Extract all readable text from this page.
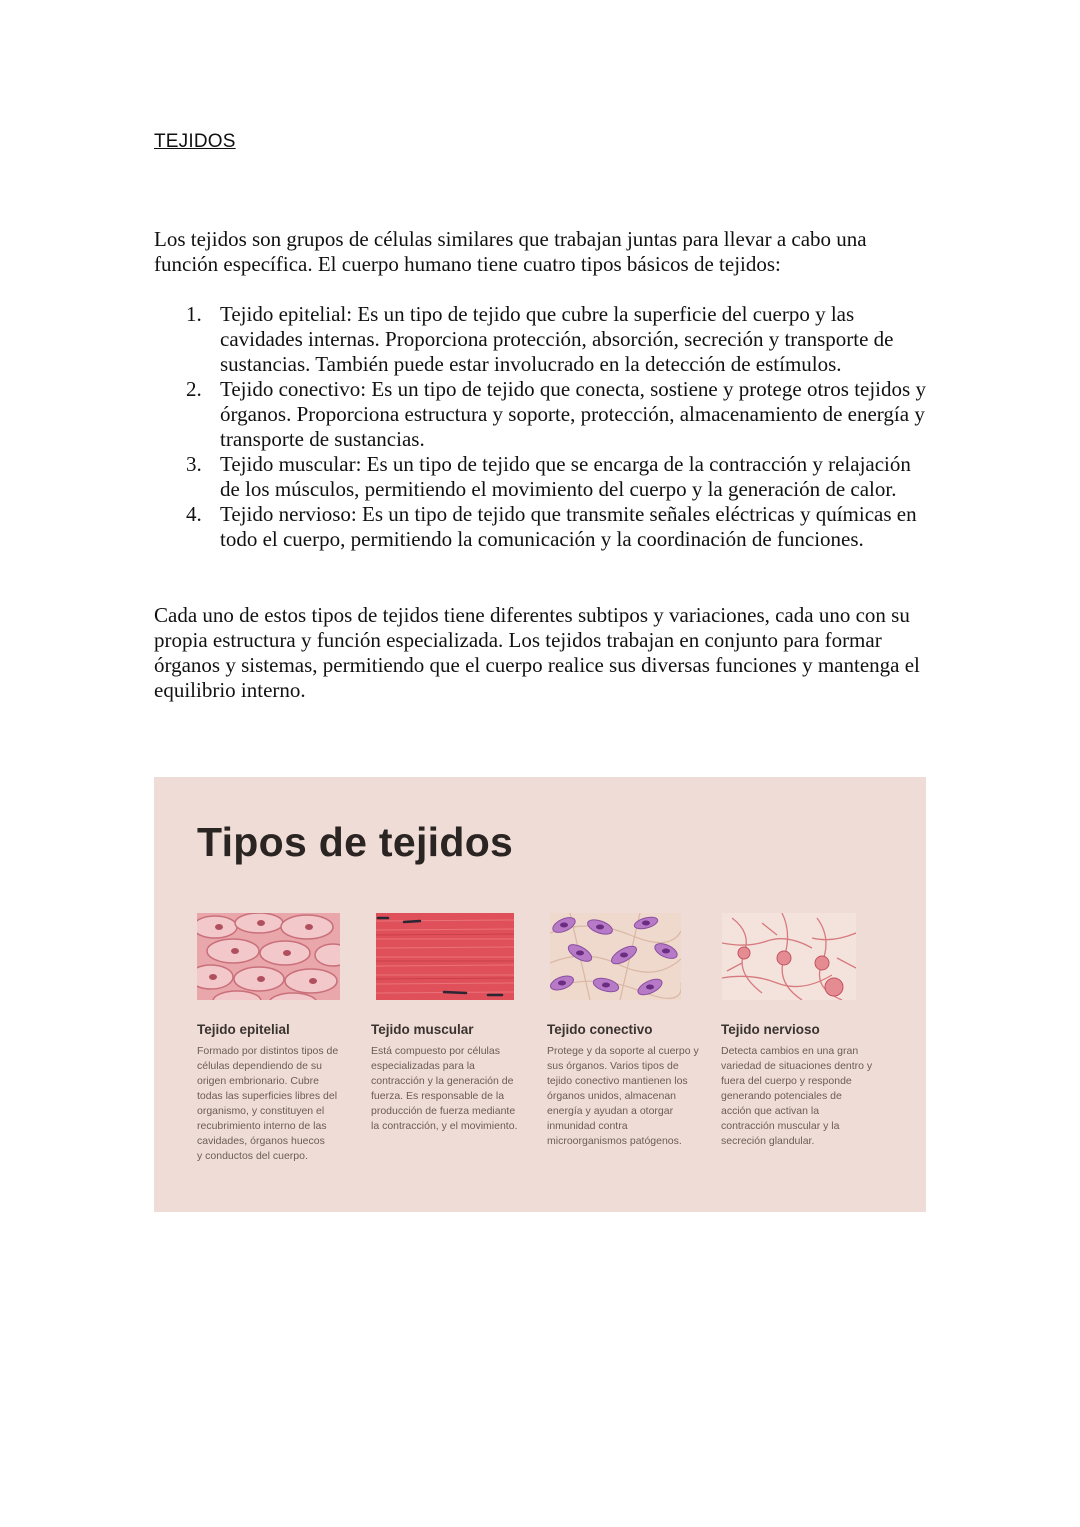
TEJIDOS

Los tejidos son grupos de células similares que trabajan juntas para llevar a cabo una función específica. El cuerpo humano tiene cuatro tipos básicos de tejidos:

1. Tejido epitelial: Es un tipo de tejido que cubre la superficie del cuerpo y las cavidades internas. Proporciona protección, absorción, secreción y transporte de sustancias. También puede estar involucrado en la detección de estímulos.
2. Tejido conectivo: Es un tipo de tejido que conecta, sostiene y protege otros tejidos y órganos. Proporciona estructura y soporte, protección, almacenamiento de energía y transporte de sustancias.
3. Tejido muscular: Es un tipo de tejido que se encarga de la contracción y relajación de los músculos, permitiendo el movimiento del cuerpo y la generación de calor.
4. Tejido nervioso: Es un tipo de tejido que transmite señales eléctricas y químicas en todo el cuerpo, permitiendo la comunicación y la coordinación de funciones.

Cada uno de estos tipos de tejidos tiene diferentes subtipos y variaciones, cada uno con su propia estructura y función especializada. Los tejidos trabajan en conjunto para formar órganos y sistemas, permitiendo que el cuerpo realice sus diversas funciones y mantenga el equilibrio interno.

Tipos de tejidos
Tejido epitelial	Tejido muscular	Tejido conectivo	Tejido nervioso
Formado por distintos tipos de
células dependiendo de su
origen embrionario. Cubre
todas las superficies libres del
organismo, y constituyen el
recubrimiento interno de las
cavidades, órganos huecos
y conductos del cuerpo.
Está compuesto por células
especializadas para la
contracción y la generación de
fuerza. Es responsable de la
producción de fuerza mediante
la contracción, y el movimiento.
Protege y da soporte al cuerpo y
sus órganos. Varios tipos de
tejido conectivo mantienen los
órganos unidos, almacenan
energía y ayudan a otorgar
inmunidad contra
microorganismos patógenos.
Detecta cambios en una gran
variedad de situaciones dentro y
fuera del cuerpo y responde
generando potenciales de
acción que activan la
contracción muscular y la
secreción glandular.
